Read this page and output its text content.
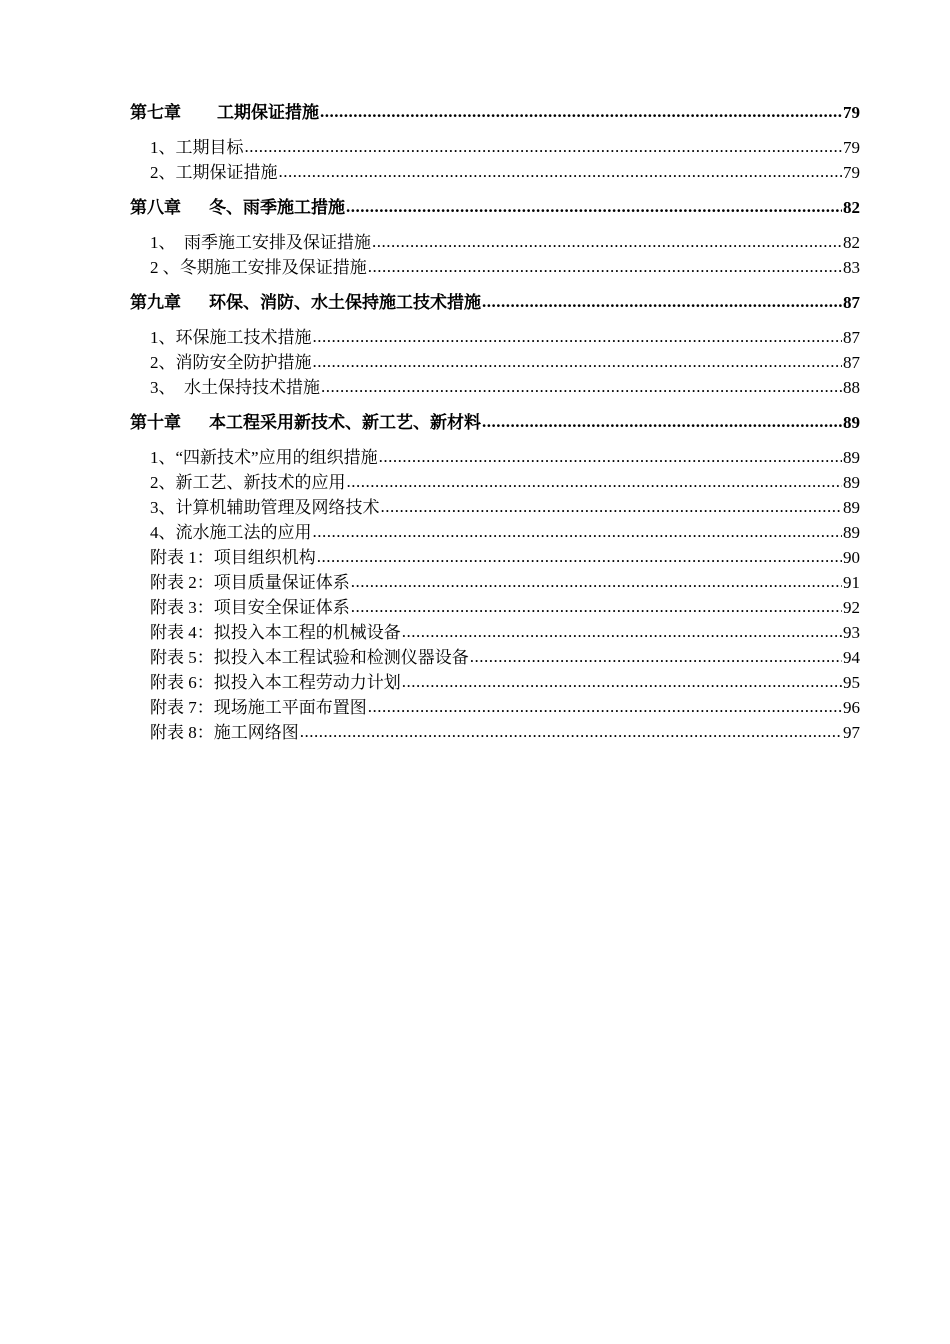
第七章 工期保证措施 .....	79
1、工期目标 .....	79
2、工期保证措施 .....	79
第八章 冬、雨季施工措施 .....	82
1、  雨季施工安排及保证措施 .....	82
2 、冬期施工安排及保证措施 .....	83
第九章 环保、消防、水土保持施工技术措施 .....	87
1、环保施工技术措施 .....	87
2、消防安全防护措施 .....	87
3、  水土保持技术措施 .....	88
第十章 本工程采用新技术、新工艺、新材料 .....	89
1、“四新技术”应用的组织措施 .....	89
2、新工艺、新技术的应用 .....	89
3、计算机辅助管理及网络技术 .....	89
4、流水施工法的应用 .....	89
附表 1：项目组织机构 .....	90
附表 2：项目质量保证体系 .....	91
附表 3：项目安全保证体系 .....	92
附表 4：拟投入本工程的机械设备 .....	93
附表 5：拟投入本工程试验和检测仪器设备 .....	94
附表 6：拟投入本工程劳动力计划 .....	95
附表 7：现场施工平面布置图 .....	96
附表 8：施工网络图 .....	97
